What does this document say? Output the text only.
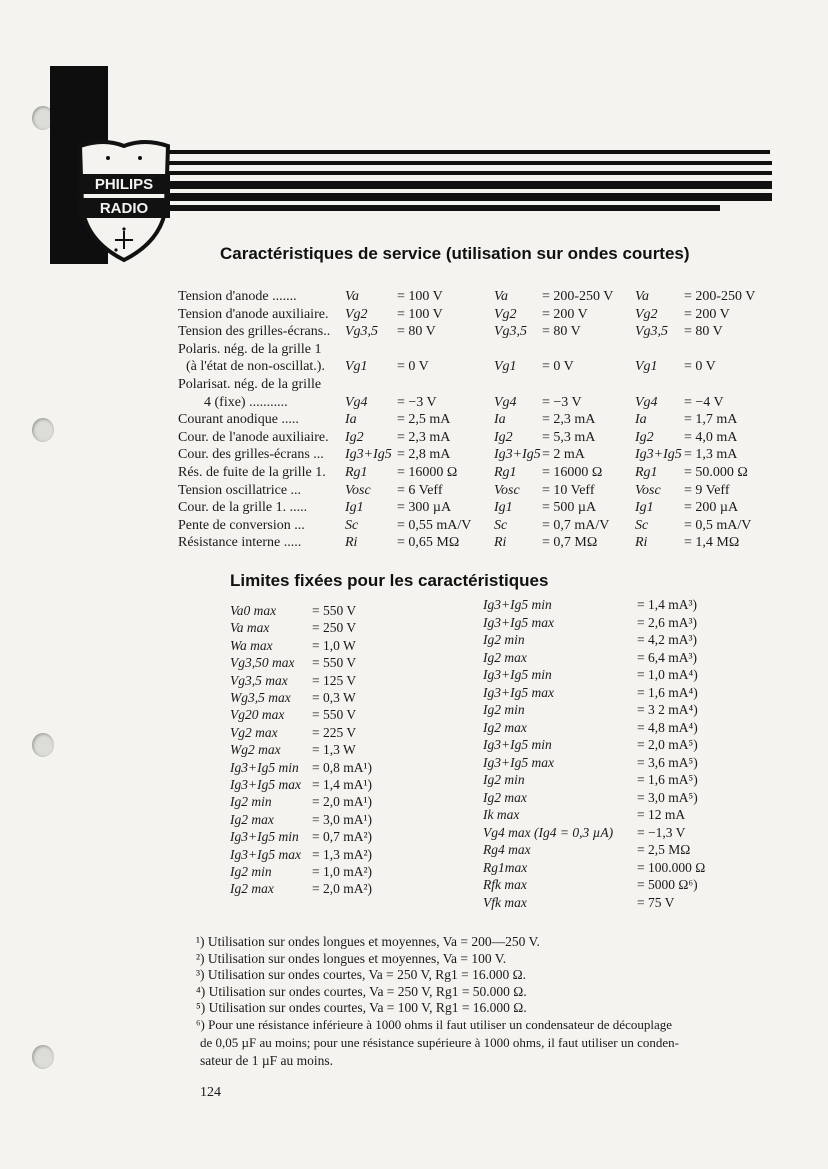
PHILIPS
RADIO
Caractéristiques de service (utilisation sur ondes courtes)
Tension d'anode .......	Va	= 100 V	Va = 200-250 V Va	= 200-250 V
Tension d'anode auxiliaire. Vg2 = 100 V	Vg2 = 200 V	Vg2 = 200 V
Tension des grilles-écrans.. Vg3,5 = 80 V	Vg3,5 = 80 V	Vg3,5 = 80 V
Polaris. nég. de la grille 1
(à l'état de non-oscillat.). Vg1 = 0 V	Vg1 = 0 V	Vg1 = 0 V
Polarisat. nég. de la grille
4 (fixe) ...........	Vg4 = −3 V	Vg4 = −3 V	Vg4 = −4 V
Courant anodique .....	Ia	= 2,5 mA	Ia	= 2,3 mA	Ia	= 1,7 mA
Cour. de l'anode auxiliaire. Ig2 = 2,3 mA	Ig2 = 5,3 mA	Ig2 = 4,0 mA
Cour. des grilles-écrans ... Ig3+Ig5 = 2,8 mA	Ig3+Ig5 = 2 mA	Ig3+Ig5 = 1,3 mA
Rés. de fuite de la grille 1. Rg1 = 16000 Ω	Rg1 = 16000 Ω Rg1 = 50.000 Ω
Tension oscillatrice ...	Vosc = 6 Veff	Vosc = 10 Veff	Vosc = 9 Veff
Cour. de la grille 1. .....	Ig1 = 300 µA	Ig1 = 500 µA	Ig1 = 200 µA
Pente de conversion ...	Sc	= 0,55 mA/V Sc = 0,7 mA/V Sc	= 0,5 mA/V
Résistance interne .....	Ri	= 0,65 MΩ Ri	= 0,7 MΩ	Ri	= 1,4 MΩ
Limites fixées pour les caractéristiques
Va0 max	= 550 V
Va max	= 250 V
Wa max	= 1,0 W
Vg3,50 max = 550 V
Vg3,5 max = 125 V
Wg3,5 max = 0,3 W
Vg20 max = 550 V
Vg2 max	= 225 V
Wg2 max = 1,3 W
Ig3+Ig5 min = 0,8 mA¹)
Ig3+Ig5 max = 1,4 mA¹)
Ig2 min	= 2,0 mA¹)
Ig2 max	= 3,0 mA¹)
Ig3+Ig5 min = 0,7 mA²)
Ig3+Ig5 max = 1,3 mA²)
Ig2 min	= 1,0 mA²)
Ig2 max	= 2,0 mA²)
Ig3+Ig5 min	= 1,4 mA³)
Ig3+Ig5 max	= 2,6 mA³)
Ig2 min	= 4,2 mA³)
Ig2 max	= 6,4 mA³)
Ig3+Ig5 min	= 1,0 mA⁴)
Ig3+Ig5 max	= 1,6 mA⁴)
Ig2 min	= 3 2 mA⁴)
Ig2 max	= 4,8 mA⁴)
Ig3+Ig5 min	= 2,0 mA⁵)
Ig3+Ig5 max	= 3,6 mA⁵)
Ig2 min	= 1,6 mA⁵)
Ig2 max	= 3,0 mA⁵)
Ik max	= 12 mA
Vg4 max (Ig4 = 0,3 µA) = −1,3 V
Rg4 max	= 2,5 MΩ
Rg1max	= 100.000 Ω
Rfk max	= 5000 Ω⁶)
Vfk max	= 75 V
¹) Utilisation sur ondes longues et moyennes, Va = 200—250 V.
²) Utilisation sur ondes longues et moyennes, Va = 100 V.
³) Utilisation sur ondes courtes, Va = 250 V, Rg1 = 16.000 Ω.
⁴) Utilisation sur ondes courtes, Va = 250 V, Rg1 = 50.000 Ω.
⁵) Utilisation sur ondes courtes, Va = 100 V, Rg1 = 16.000 Ω.
⁶) Pour une résistance inférieure à 1000 ohms il faut utiliser un condensateur de découplage
de 0,05 µF au moins; pour une résistance supérieure à 1000 ohms, il faut utiliser un conden-
sateur de 1 µF au moins.
124
